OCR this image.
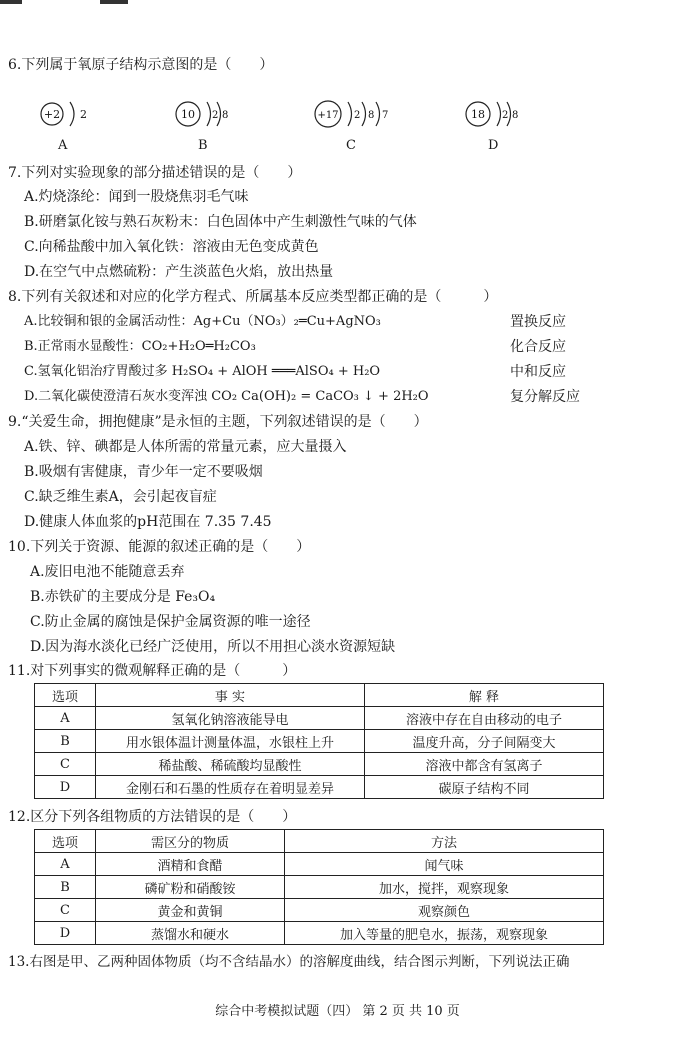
6.下列属于氧原子结构示意图的是（　　）
+2 2
A
10 2 8
B
+17 2 8 7
C
18 2 8
D
7.下列对实验现象的部分描述错误的是（　　）
A.灼烧涤纶：闻到一股烧焦羽毛气味
B.研磨氯化铵与熟石灰粉末：白色固体中产生刺激性气味的气体
C.向稀盐酸中加入氧化铁：溶液由无色变成黄色
D.在空气中点燃硫粉：产生淡蓝色火焰，放出热量
8.下列有关叙述和对应的化学方程式、所属基本反应类型都正确的是（　　　）
A.比较铜和银的金属活动性：Ag+Cu（NO₃）₂═Cu+AgNO₃	置换反应
B.正常雨水显酸性：CO₂+H₂O═H₂CO₃	化合反应
C.氢氧化铝治疗胃酸过多 H₂SO₄ + AlOH ═══AlSO₄ + H₂O	中和反应
D.二氧化碳使澄清石灰水变浑浊 CO₂ Ca(OH)₂ = CaCO₃ ↓ + 2H₂O	复分解反应
9.“关爱生命，拥抱健康”是永恒的主题，下列叙述错误的是（　　）
A.铁、锌、碘都是人体所需的常量元素，应大量摄入
B.吸烟有害健康，青少年一定不要吸烟
C.缺乏维生素A，会引起夜盲症
D.健康人体血浆的pH范围在 7.35 7.45
10.下列关于资源、能源的叙述正确的是（　　）
A.废旧电池不能随意丢弃
B.赤铁矿的主要成分是 Fe₃O₄
C.防止金属的腐蚀是保护金属资源的唯一途径
D.因为海水淡化已经广泛使用，所以不用担心淡水资源短缺
11.对下列事实的微观解释正确的是（　　　）
选项	事 实	解 释
A	氢氧化钠溶液能导电	溶液中存在自由移动的电子
B	用水银体温计测量体温，水银柱上升	温度升高，分子间隔变大
C	稀盐酸、稀硫酸均显酸性	溶液中都含有氢离子
D	金刚石和石墨的性质存在着明显差异	碳原子结构不同
12.区分下列各组物质的方法错误的是（　　）
选项	需区分的物质	方法
A	酒精和食醋	闻气味
B	磷矿粉和硝酸铵	加水，搅拌，观察现象
C	黄金和黄铜	观察颜色
D	蒸馏水和硬水	加入等量的肥皂水，振荡，观察现象
13.右图是甲、乙两种固体物质（均不含结晶水）的溶解度曲线，结合图示判断，下列说法正确
综合中考模拟试题（四） 第 2 页 共 10 页
